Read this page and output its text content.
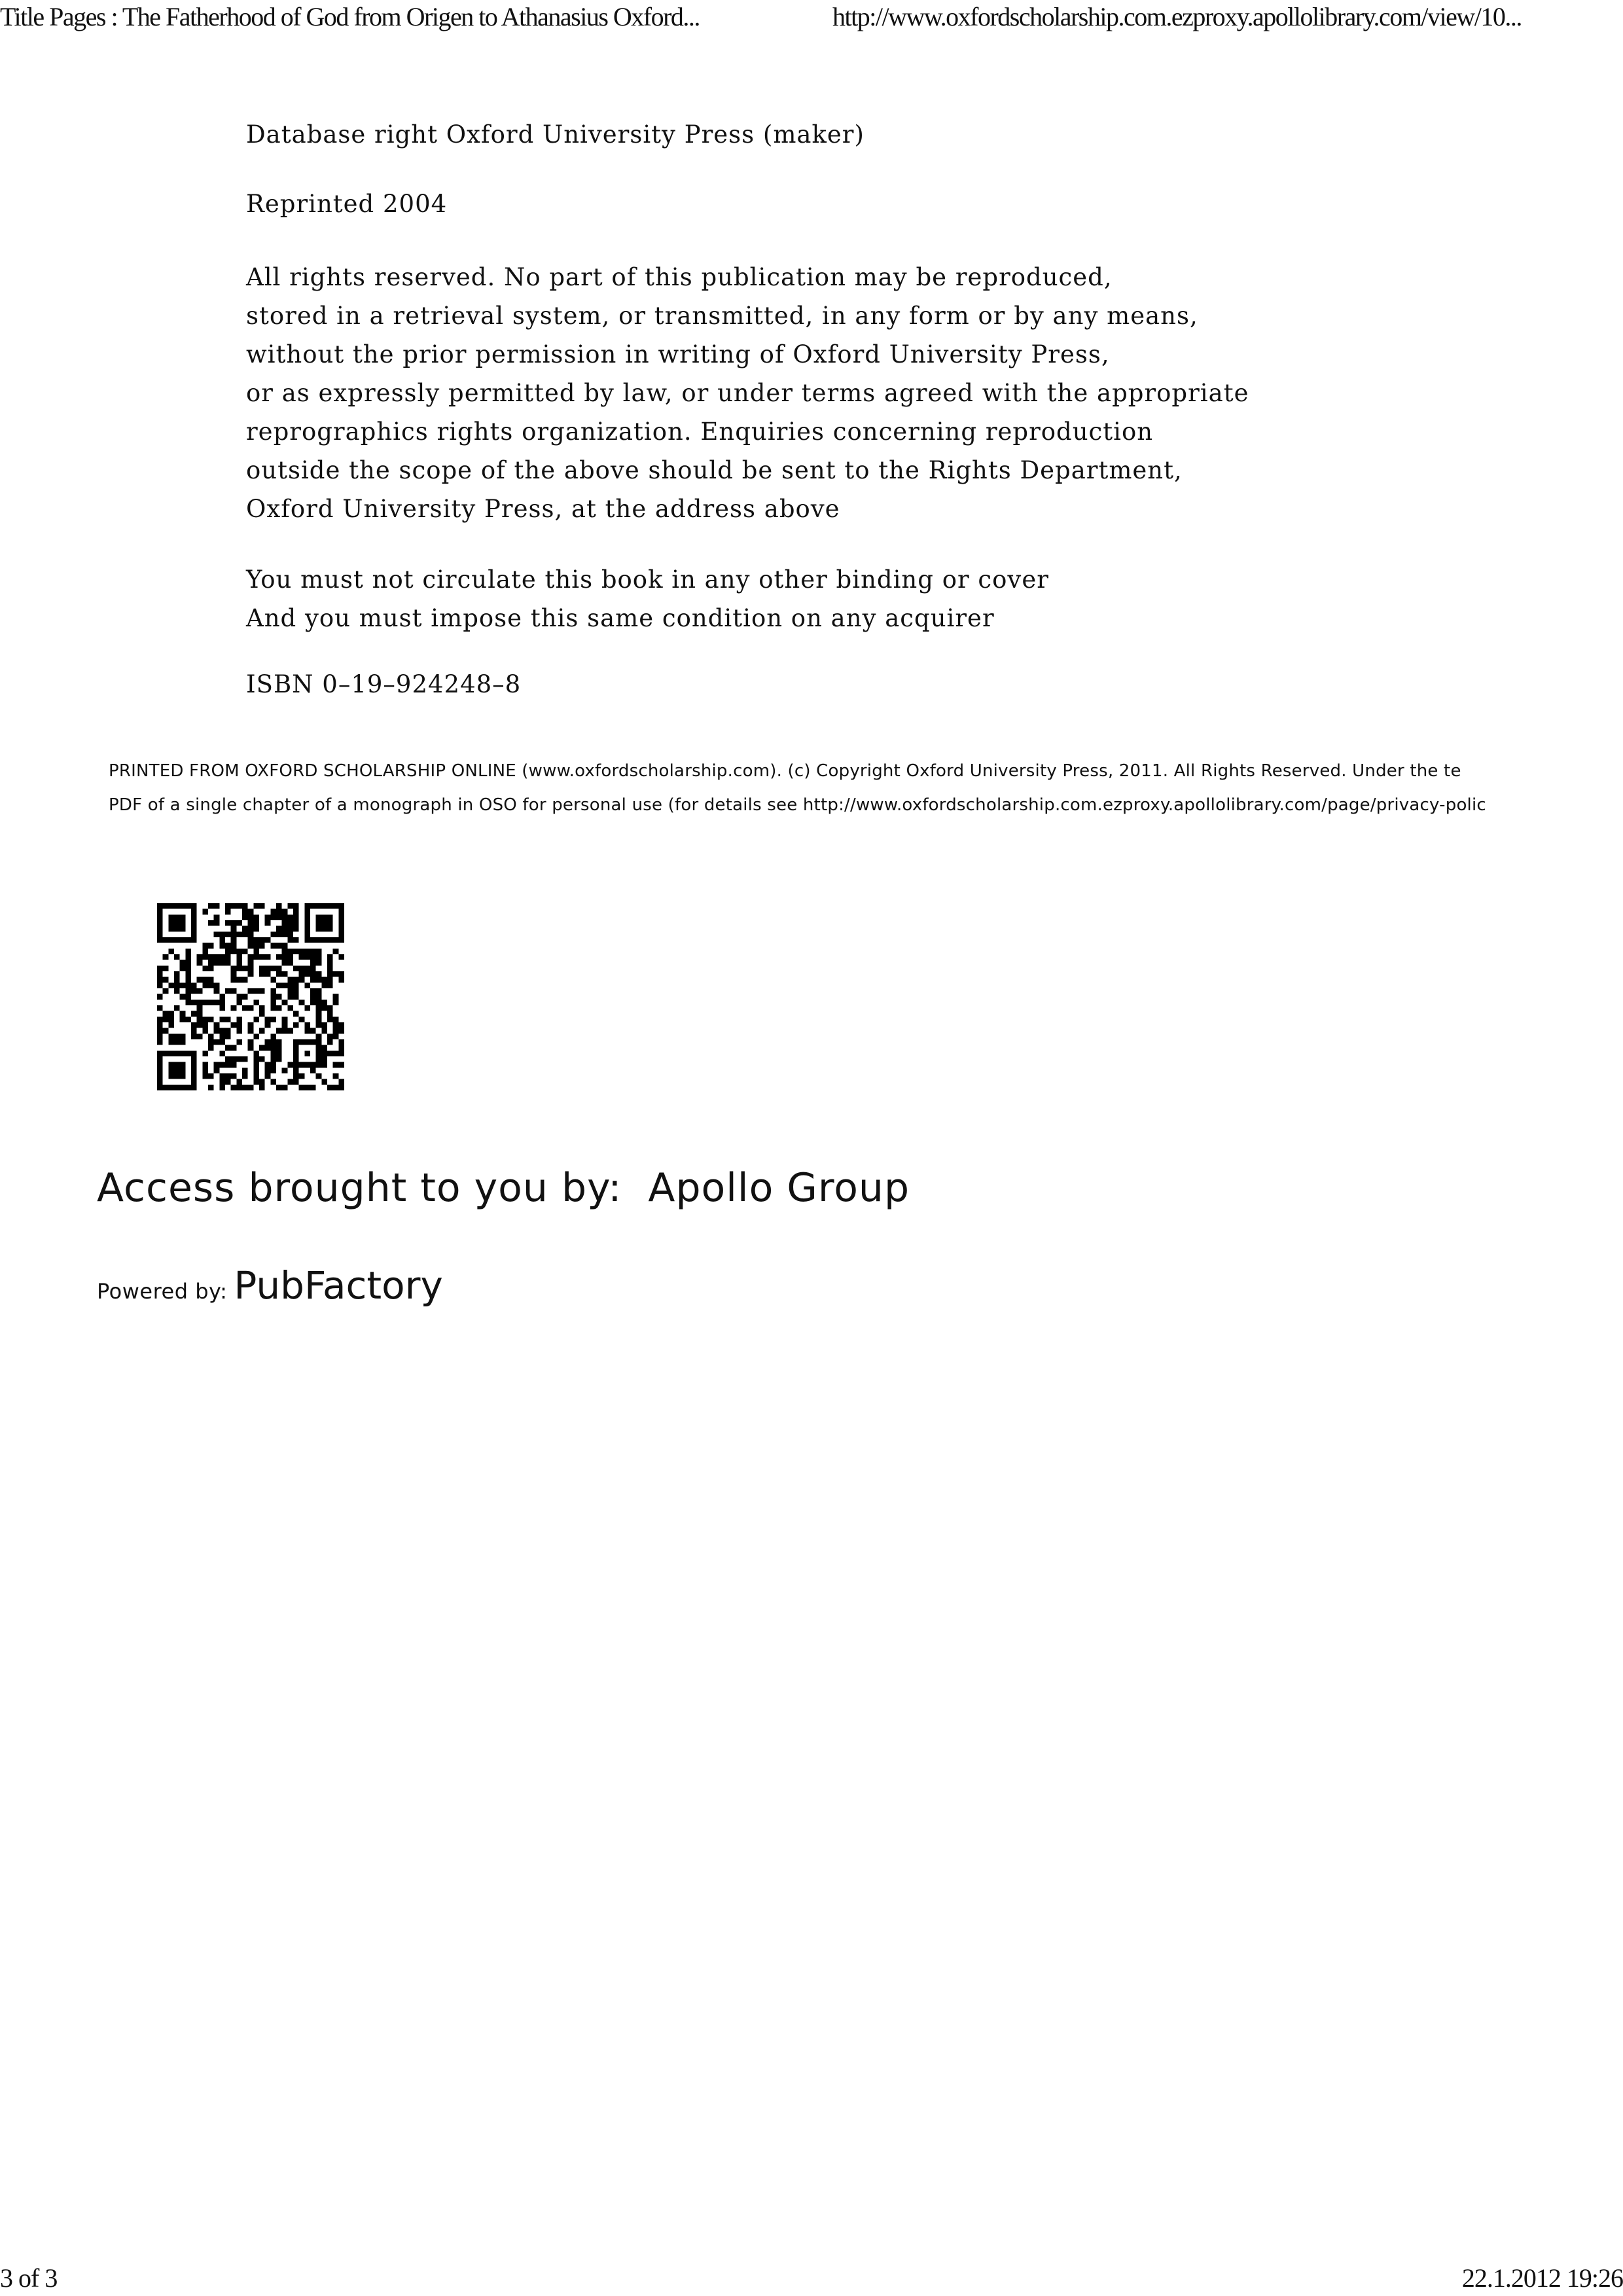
Title Pages : The Fatherhood of God from Origen to Athanasius Oxford...	http://www.oxfordscholarship.com.ezproxy.apollolibrary.com/view/10...
Database right Oxford University Press (maker)
Reprinted 2004
All rights reserved. No part of this publication may be reproduced,
stored in a retrieval system, or transmitted, in any form or by any means,
without the prior permission in writing of Oxford University Press,
or as expressly permitted by law, or under terms agreed with the appropriate
reprographics rights organization. Enquiries concerning reproduction
outside the scope of the above should be sent to the Rights Department,
Oxford University Press, at the address above
You must not circulate this book in any other binding or cover
And you must impose this same condition on any acquirer
ISBN 0–19–924248–8
PRINTED FROM OXFORD SCHOLARSHIP ONLINE (www.oxfordscholarship.com). (c) Copyright Oxford University Press, 2011. All Rights Reserved. Under the te
PDF of a single chapter of a monograph in OSO for personal use (for details see http://www.oxfordscholarship.com.ezproxy.apollolibrary.com/page/privacy-polic
Access brought to you by: Apollo Group
Powered by: PubFactory
3 of 3	22.1.2012 19:26
